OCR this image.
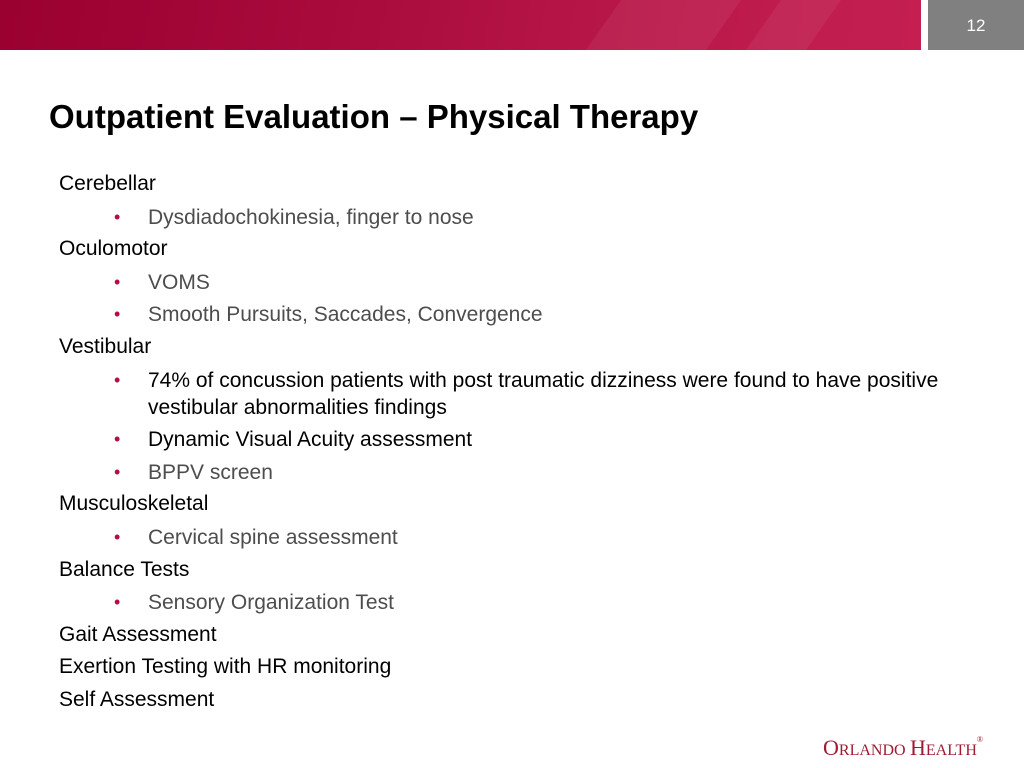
12
Outpatient Evaluation – Physical Therapy
Cerebellar
• Dysdiadochokinesia, finger to nose
Oculomotor
• VOMS
• Smooth Pursuits, Saccades, Convergence
Vestibular
• 74% of concussion patients with post traumatic dizziness were found to have positive vestibular abnormalities findings
• Dynamic Visual Acuity assessment
• BPPV screen
Musculoskeletal
• Cervical spine assessment
Balance Tests
• Sensory Organization Test
Gait Assessment
Exertion Testing with HR monitoring
Self Assessment
ORLANDO HEALTH®
